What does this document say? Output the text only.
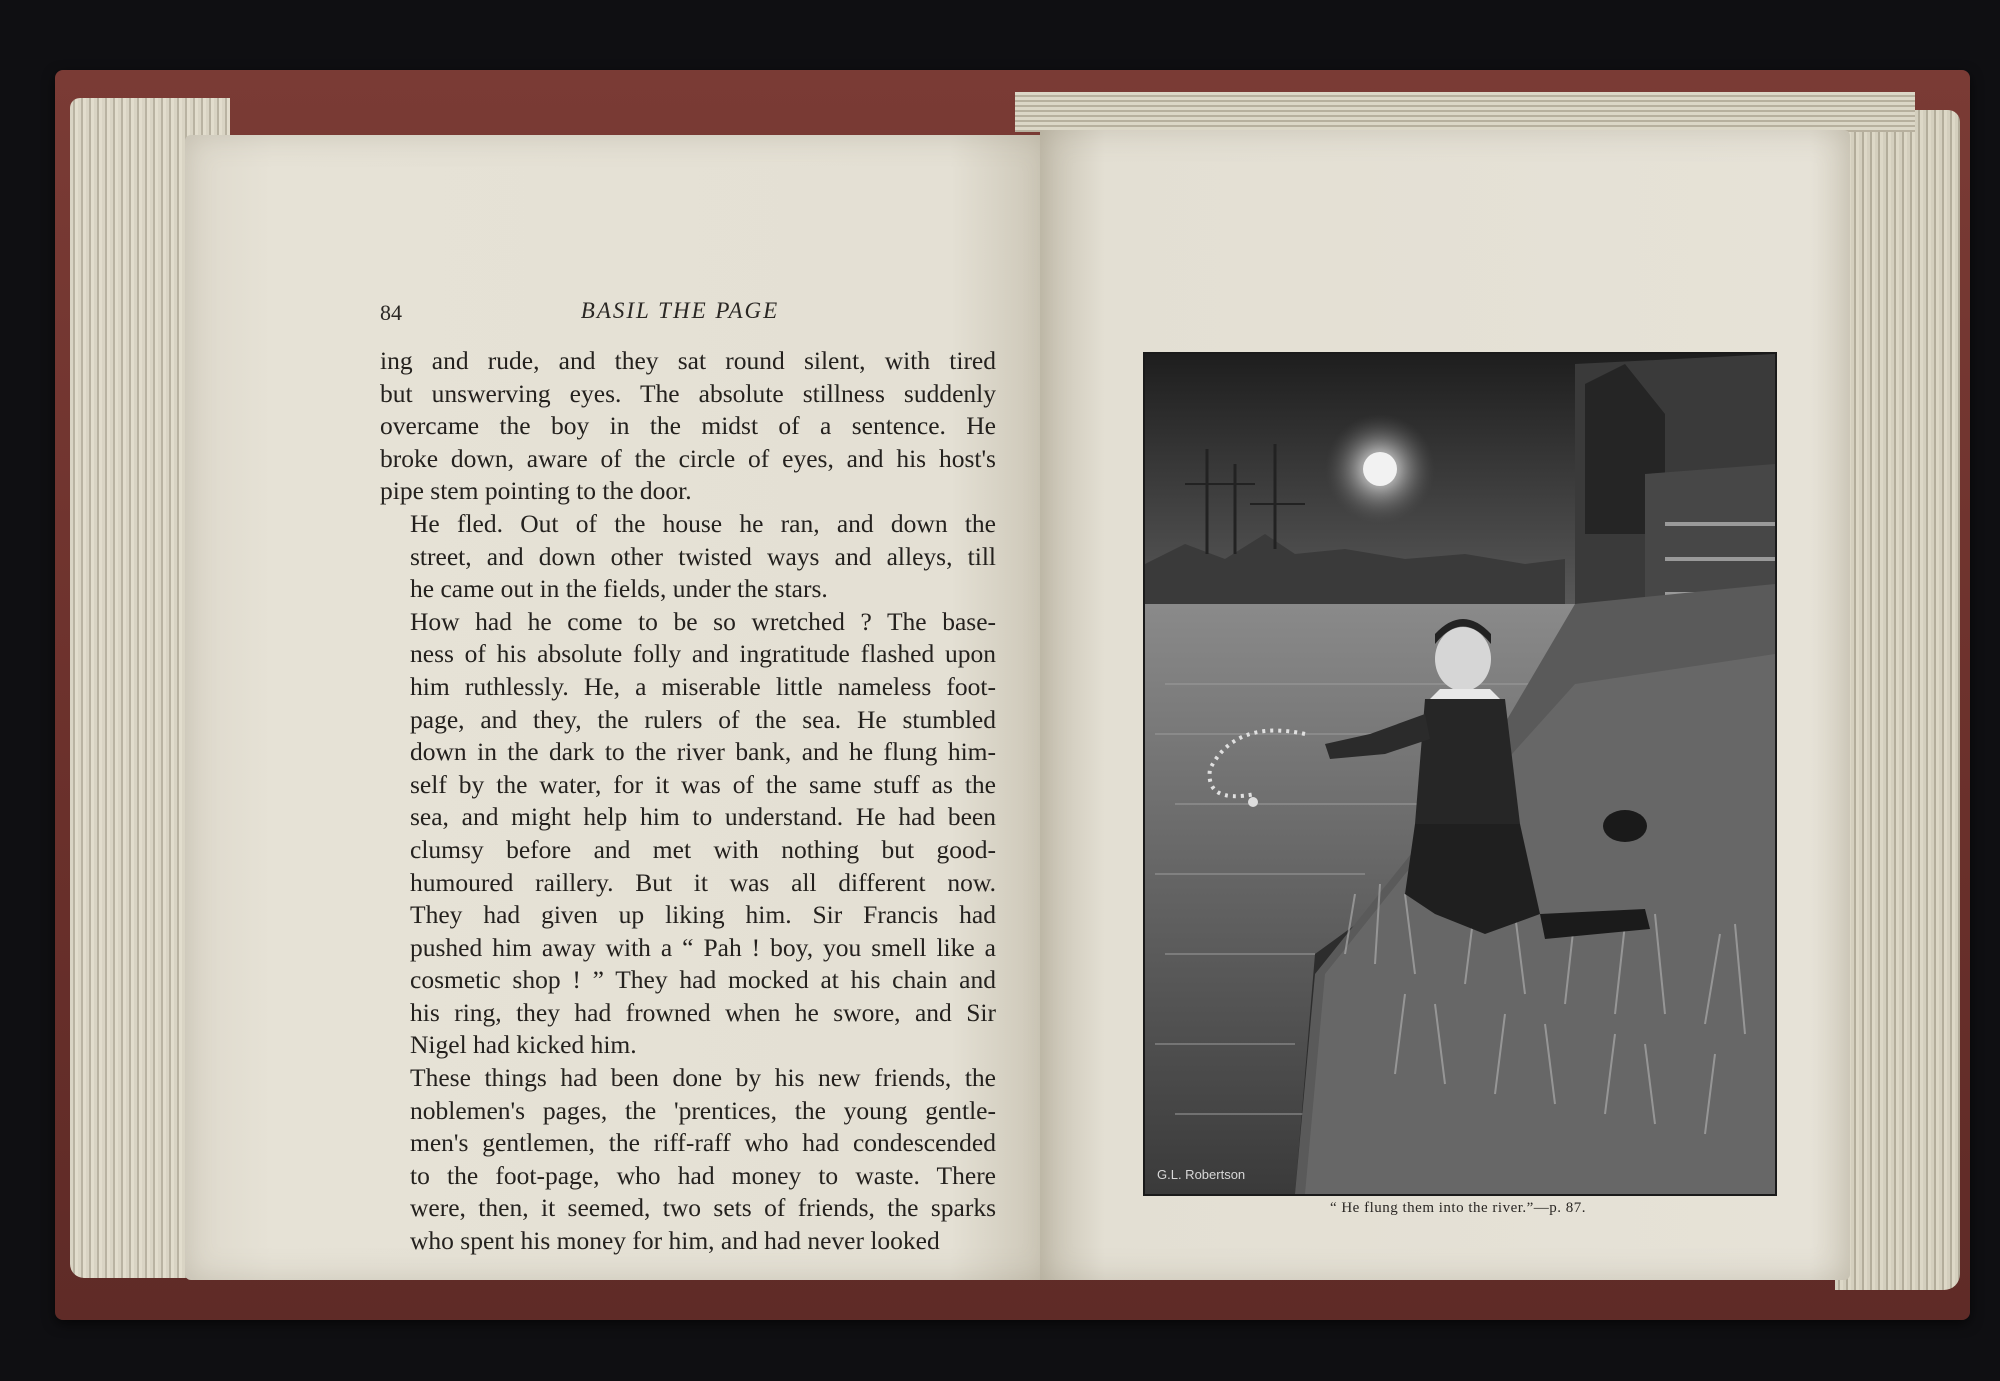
84	BASIL THE PAGE

ing and rude, and they sat round silent, with tired
but unswerving eyes. The absolute stillness suddenly
overcame the boy in the midst of a sentence. He
broke down, aware of the circle of eyes, and his host's
pipe stem pointing to the door.

He fled. Out of the house he ran, and down the
street, and down other twisted ways and alleys, till
he came out in the fields, under the stars.

How had he come to be so wretched ? The base-
ness of his absolute folly and ingratitude flashed upon
him ruthlessly. He, a miserable little nameless foot-
page, and they, the rulers of the sea. He stumbled
down in the dark to the river bank, and he flung him-
self by the water, for it was of the same stuff as the
sea, and might help him to understand. He had been
clumsy before and met with nothing but good-
humoured raillery. But it was all different now.
They had given up liking him. Sir Francis had
pushed him away with a “ Pah ! boy, you smell like a
cosmetic shop ! ” They had mocked at his chain and
his ring, they had frowned when he swore, and Sir
Nigel had kicked him.

These things had been done by his new friends, the
noblemen's pages, the 'prentices, the young gentle-
men's gentlemen, the riff-raff who had condescended
to the foot-page, who had money to waste. There
were, then, it seemed, two sets of friends, the sparks
who spent his money for him, and had never looked

G.L. Robertson
“ He flung them into the river.”—p. 87.
